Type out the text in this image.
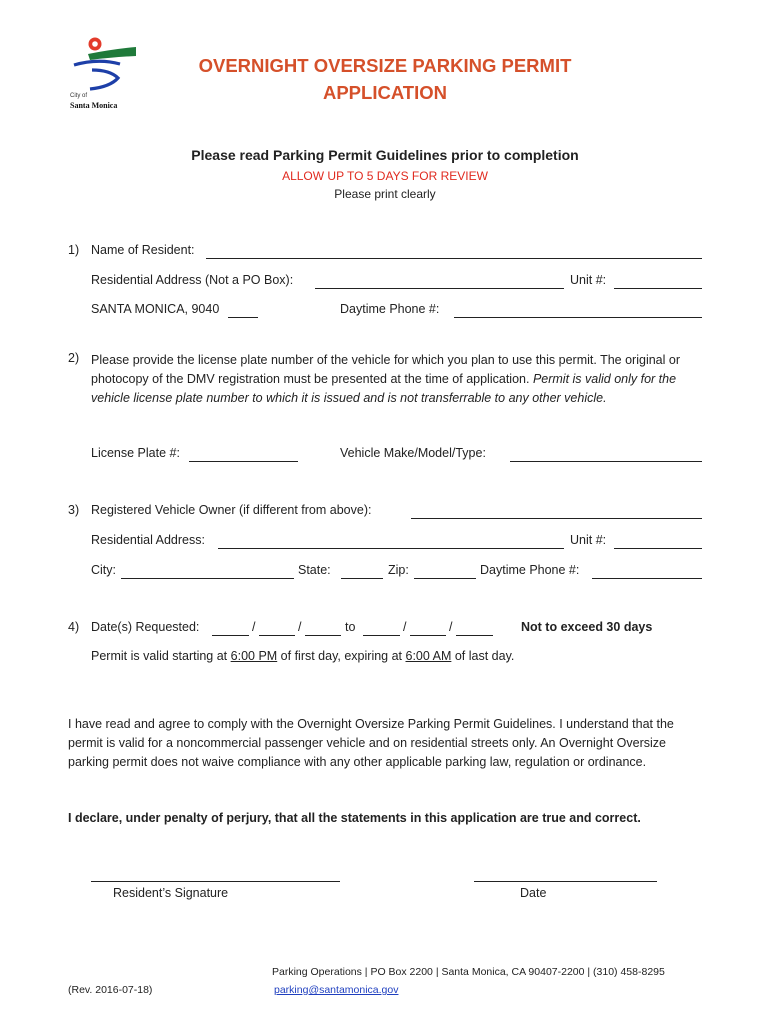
City of
Santa Monica
OVERNIGHT OVERSIZE PARKING PERMIT
APPLICATION
Please read Parking Permit Guidelines prior to completion
ALLOW UP TO 5 DAYS FOR REVIEW
Please print clearly
1) Name of Resident:
Residential Address (Not a PO Box):	Unit #:
SANTA MONICA, 9040	Daytime Phone #:
2) Please provide the license plate number of the vehicle for which you plan to use this permit. The original or photocopy of the DMV registration must be presented at the time of application. Permit is valid only for the vehicle license plate number to which it is issued and is not transferrable to any other vehicle.
License Plate #:	Vehicle Make/Model/Type:
3) Registered Vehicle Owner (if different from above):
Residential Address:	Unit #:
City:	State:	Zip:	Daytime Phone #:
4) Date(s) Requested:	/	/	to	/	/	Not to exceed 30 days
Permit is valid starting at 6:00 PM of first day, expiring at 6:00 AM of last day.
I have read and agree to comply with the Overnight Oversize Parking Permit Guidelines. I understand that the permit is valid for a noncommercial passenger vehicle and on residential streets only. An Overnight Oversize parking permit does not waive compliance with any other applicable parking law, regulation or ordinance.
I declare, under penalty of perjury, that all the statements in this application are true and correct.
Resident’s Signature	Date
(Rev. 2016-07-18)
Parking Operations | PO Box 2200 | Santa Monica, CA 90407-2200 | (310) 458-8295
parking@santamonica.gov
